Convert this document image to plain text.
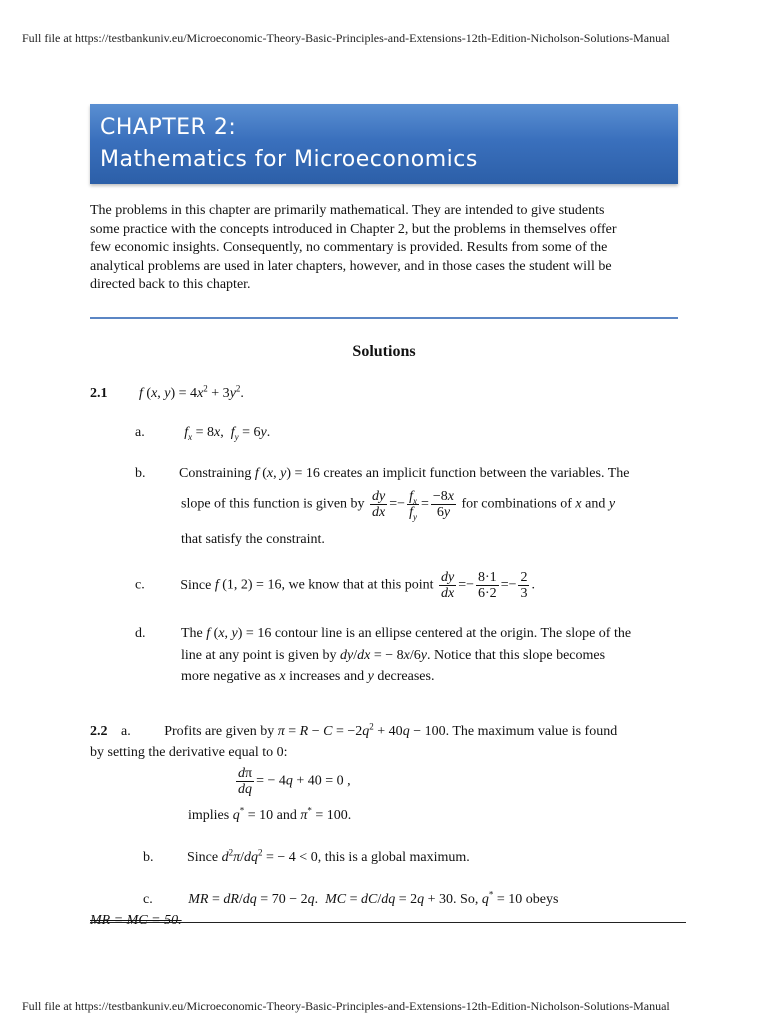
Full file at https://testbankuniv.eu/Microeconomic-Theory-Basic-Principles-and-Extensions-12th-Edition-Nicholson-Solutions-Manual
CHAPTER 2:
Mathematics for Microeconomics
The problems in this chapter are primarily mathematical. They are intended to give students
some practice with the concepts introduced in Chapter 2, but the problems in themselves offer
few economic insights. Consequently, no commentary is provided. Results from some of the
analytical problems are used in later chapters, however, and in those cases the student will be
directed back to this chapter.
Solutions
2.1 f (x, $y) = 4x^2 + 3y^2$.
a.	$f_x = 8x$,  $f_y = 6y$.
b. Constraining f (x, y) = 16 creates an implicit function between the variables. The
slope of this function is given by $\frac{dy}{dx} =- \frac{f_x}{f_y} = \frac{-8x}{6y}$ for combinations of x and y
that satisfy the constraint.
c.	Since f (1, 2) = 16, we know that at this point $\frac{dy}{dx} =- \frac{8\cdot 1}{6\cdot 2} =- \frac{2}{3}$ .
d.	The f (x, y) = 16 contour line is an ellipse centered at the origin. The slope of the
line at any point is given by dy/dx = − 8x/6y. Notice that this slope becomes
more negative as x increases and y decreases.
2.2 a. Profits are given by $\pi = R - C = -2q^2 + 40q - 100$. The maximum value is found
by setting the derivative equal to 0:
$\frac{d\pi}{dq}$ = − 4q + 40 = 0 ,
implies q* = 10 and π* = 100.
b. Since $d^2\pi/dq^2$ = − 4 < 0, this is a global maximum.
c.	MR = dR/dq = 70 − 2q.  MC = dC/dq = 2q + 30. So, q* = 10 obeys
MR = MC = 50.
Full file at https://testbankuniv.eu/Microeconomic-Theory-Basic-Principles-and-Extensions-12th-Edition-Nicholson-Solutions-Manual
